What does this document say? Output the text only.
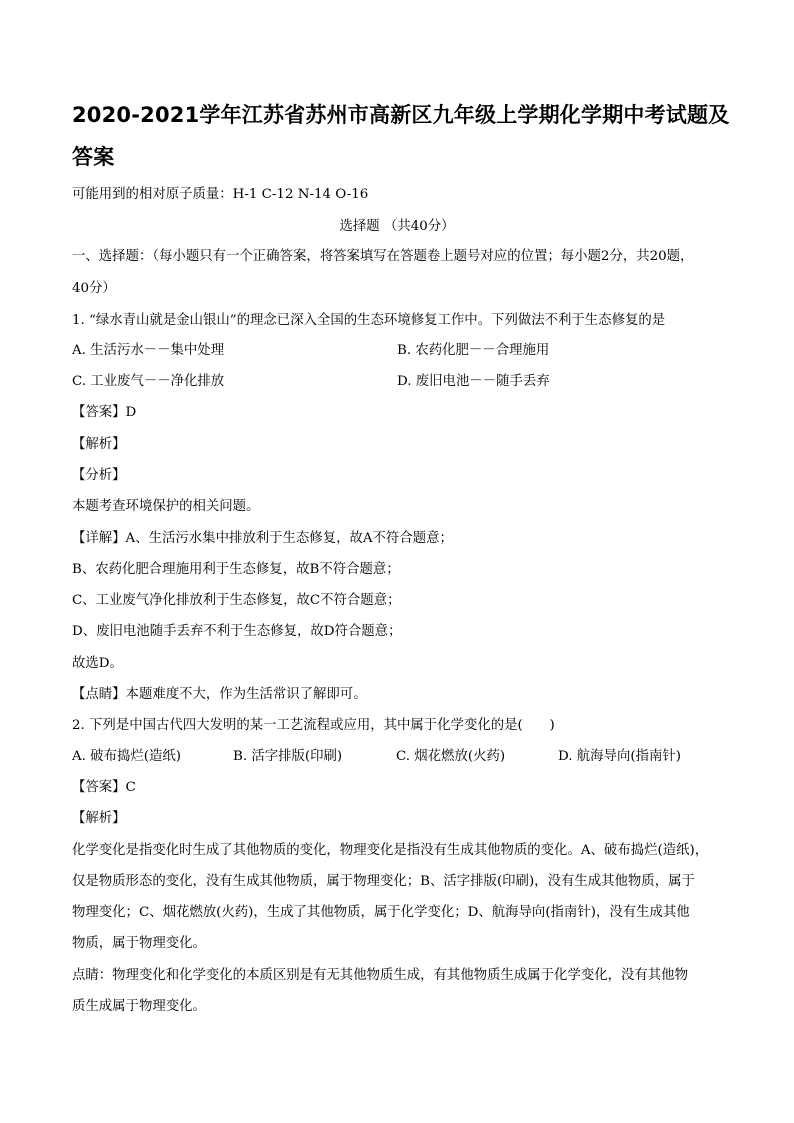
2020-2021学年江苏省苏州市高新区九年级上学期化学期中考试题及
答案
可能用到的相对原子质量：H-1 C-12 N-14 O-16
选择题 （共40分）
一、选择题：（每小题只有一个正确答案，将答案填写在答题卷上题号对应的位置；每小题2分，共20题，
40分）
1. “绿水青山就是金山银山”的理念已深入全国的生态环境修复工作中。下列做法不利于生态修复的是
A. 生活污水－－集中处理	B. 农药化肥－－合理施用
C. 工业废气－－净化排放	D. 废旧电池－－随手丢弃
【答案】D
【解析】
【分析】
本题考查环境保护的相关问题。
【详解】A、生活污水集中排放利于生态修复，故A不符合题意；
B、农药化肥合理施用利于生态修复，故B不符合题意；
C、工业废气净化排放利于生态修复，故C不符合题意；
D、废旧电池随手丢弃不利于生态修复，故D符合题意；
故选D。
【点睛】本题难度不大，作为生活常识了解即可。
2. 下列是中国古代四大发明的某一工艺流程或应用，其中属于化学变化的是(　　)
A. 破布捣烂(造纸)	B. 活字排版(印刷)	C. 烟花燃放(火药)	D. 航海导向(指南针)
【答案】C
【解析】
化学变化是指变化时生成了其他物质的变化，物理变化是指没有生成其他物质的变化。A、破布捣烂(造纸)，
仅是物质形态的变化，没有生成其他物质，属于物理变化；B、活字排版(印刷)，没有生成其他物质，属于
物理变化；C、烟花燃放(火药)，生成了其他物质，属于化学变化；D、航海导向(指南针)，没有生成其他
物质，属于物理变化。
点睛：物理变化和化学变化的本质区别是有无其他物质生成，有其他物质生成属于化学变化，没有其他物
质生成属于物理变化。
